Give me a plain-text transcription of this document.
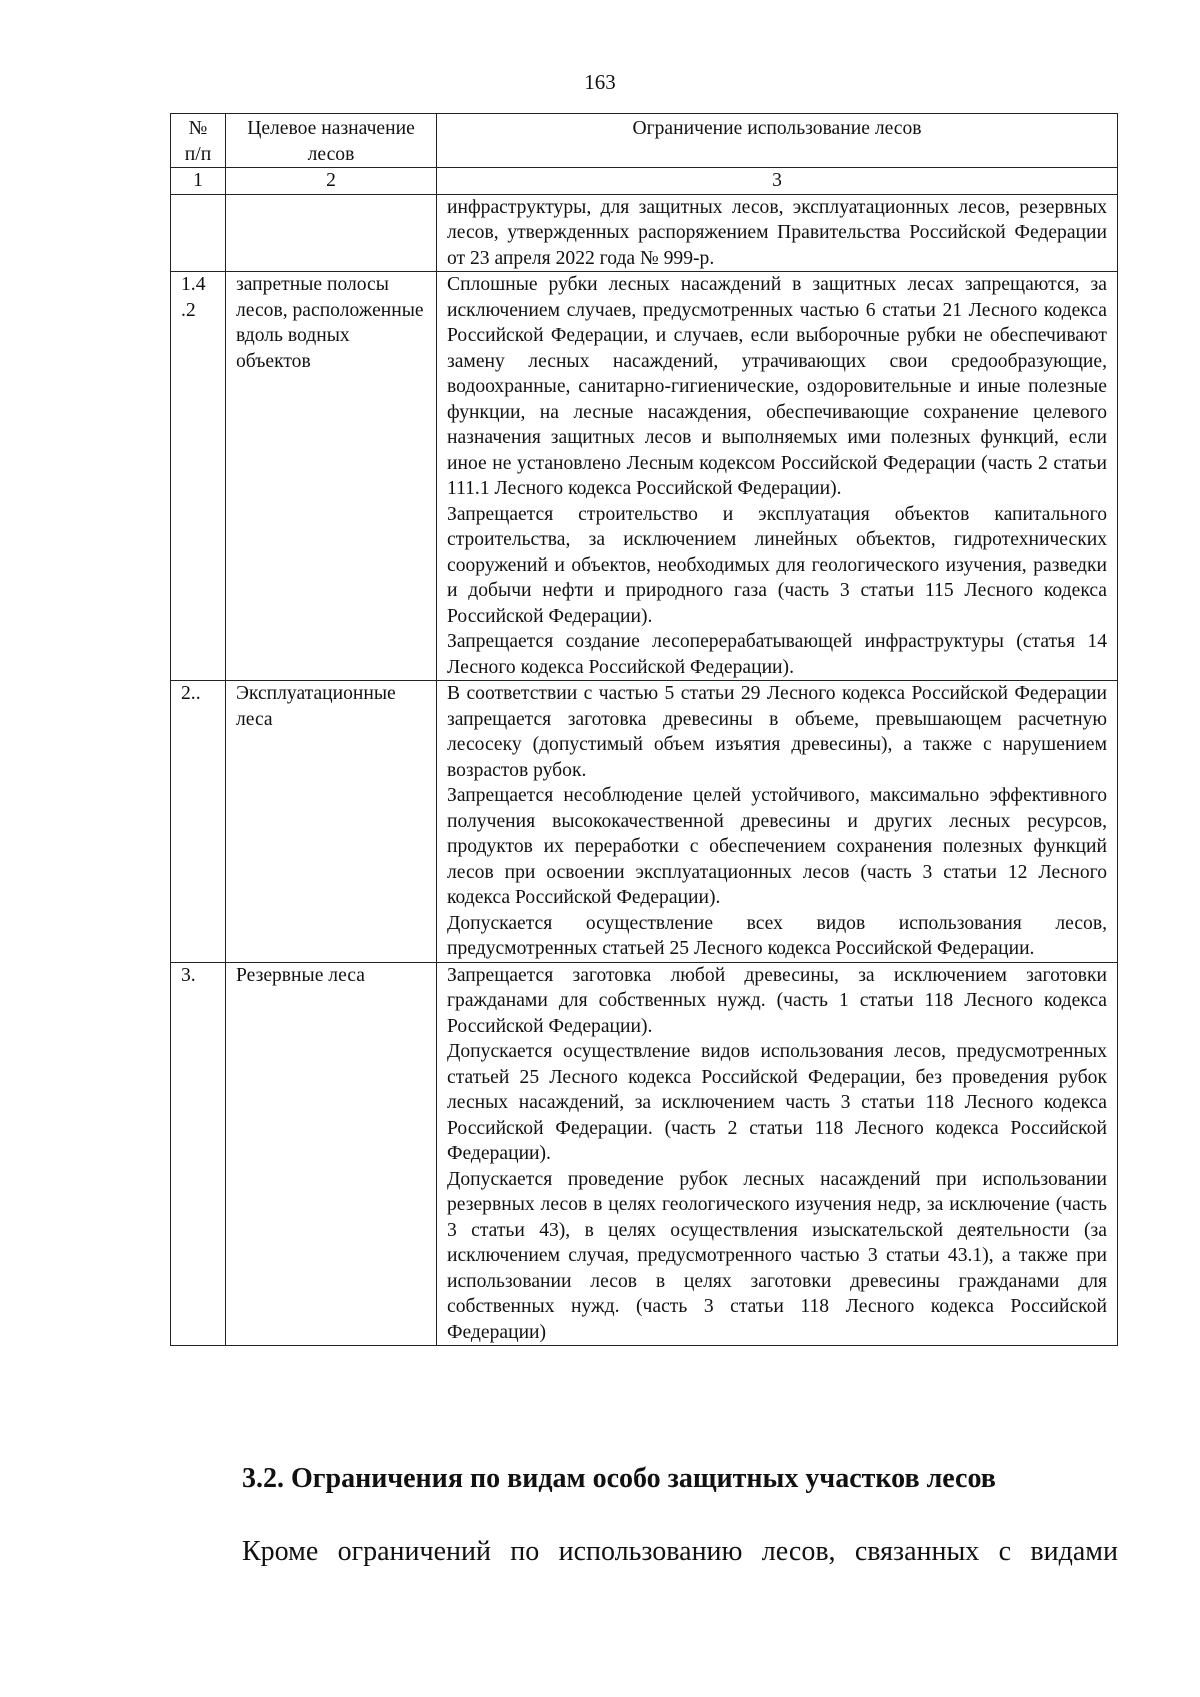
163
№ п/п	Целевое назначение лесов	Ограничение использование лесов
1	2	3

		инфраструктуры, для защитных лесов, эксплуатационных лесов, резервных лесов, утвержденных распоряжением Правительства Российской Федерации от 23 апреля 2022 года № 999-р.

1.4 .2	запретные полосы лесов, расположенные вдоль водных объектов	Сплошные рубки лесных насаждений в защитных лесах запрещаются, за исключением случаев, предусмотренных частью 6 статьи 21 Лесного кодекса Российской Федерации, и случаев, если выборочные рубки не обеспечивают замену лесных насаждений, утрачивающих свои средообразующие, водоохранные, санитарно-гигиенические, оздоровительные и иные полезные функции, на лесные насаждения, обеспечивающие сохранение целевого назначения защитных лесов и выполняемых ими полезных функций, если иное не установлено Лесным кодексом Российской Федерации (часть 2 статьи 111.1 Лесного кодекса Российской Федерации).

Запрещается строительство и эксплуатация объектов капитального строительства, за исключением линейных объектов, гидротехнических сооружений и объектов, необходимых для геологического изучения, разведки и добычи нефти и природного газа (часть 3 статьи 115 Лесного кодекса Российской Федерации).

Запрещается создание лесоперерабатывающей инфраструктуры (статья 14 Лесного кодекса Российской Федерации).

2..	Эксплуатационные леса	В соответствии с частью 5 статьи 29 Лесного кодекса Российской Федерации запрещается заготовка древесины в объеме, превышающем расчетную лесосеку (допустимый объем изъятия древесины), а также с нарушением возрастов рубок.

Запрещается несоблюдение целей устойчивого, максимально эффективного получения высококачественной древесины и других лесных ресурсов, продуктов их переработки с обеспечением сохранения полезных функций лесов при освоении эксплуатационных лесов (часть 3 статьи 12 Лесного кодекса Российской Федерации).

Допускается осуществление всех видов использования лесов, предусмотренных статьей 25 Лесного кодекса Российской Федерации.

3.	Резервные леса	Запрещается заготовка любой древесины, за исключением заготовки гражданами для собственных нужд. (часть 1 статьи 118 Лесного кодекса Российской Федерации).

Допускается осуществление видов использования лесов, предусмотренных статьей 25 Лесного кодекса Российской Федерации, без проведения рубок лесных насаждений, за исключением часть 3 статьи 118 Лесного кодекса Российской Федерации. (часть 2 статьи 118 Лесного кодекса Российской Федерации).

Допускается проведение рубок лесных насаждений при использовании резервных лесов в целях геологического изучения недр, за исключение (часть 3 статьи 43), в целях осуществления изыскательской деятельности (за исключением случая, предусмотренного частью 3 статьи 43.1), а также при использовании лесов в целях заготовки древесины гражданами для собственных нужд. (часть 3 статьи 118 Лесного кодекса Российской Федерации)

3.2. Ограничения по видам особо защитных участков лесов
Кроме ограничений по использованию лесов, связанных с видами
